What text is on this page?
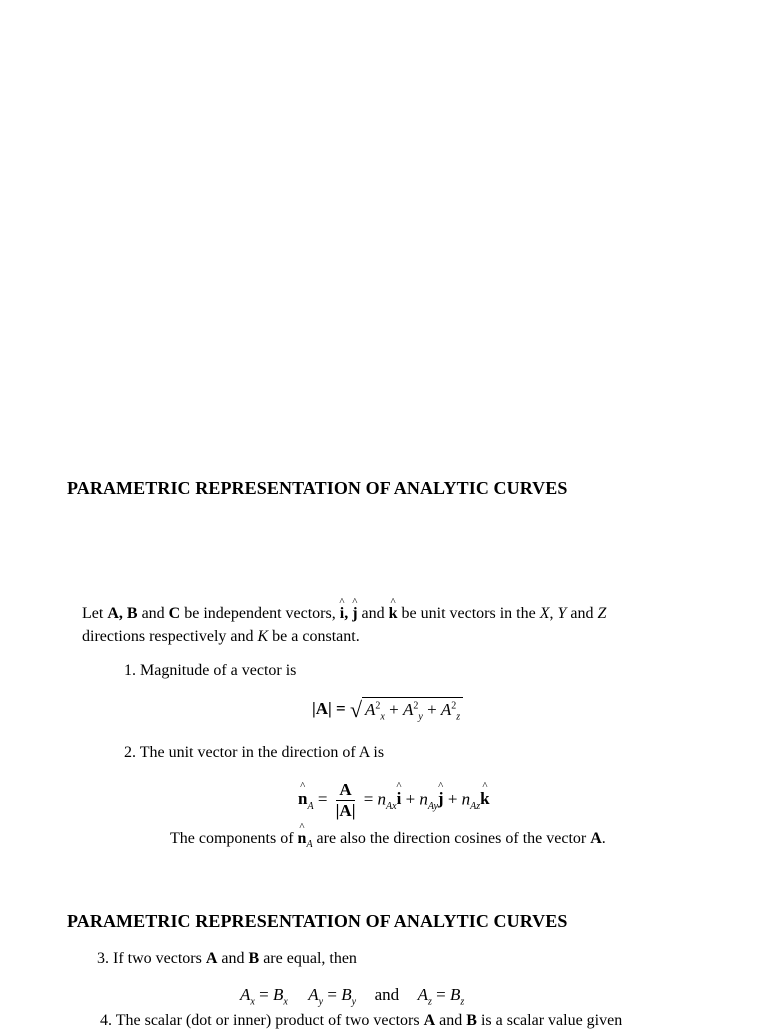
PARAMETRIC REPRESENTATION OF ANALYTIC CURVES
Let A, B and C be independent vectors, i ^, j ^ and k ^ be unit vectors in the X, Y and Z
directions respectively and K be a constant.
1. Magnitude of a vector is
|A| = √ $A^2_x + A^2_y + A^2_z$
2. The unit vector in the direction of A is
n $\^{}_A = \frac{A}{|A|} = n_{Ax}i$ ^ + $n_{Ay}j$ ^ + $n_{Az}k$ ^
The components of n $\^{}_A$ are also the direction cosines of the vector A.
PARAMETRIC REPRESENTATION OF ANALYTIC CURVES
3. If two vectors A and B are equal, then
$A_x = B_x$ $A_y = B_y$ and $A_z = B_z$
4. The scalar (dot or inner) product of two vectors A and B is a scalar value given
